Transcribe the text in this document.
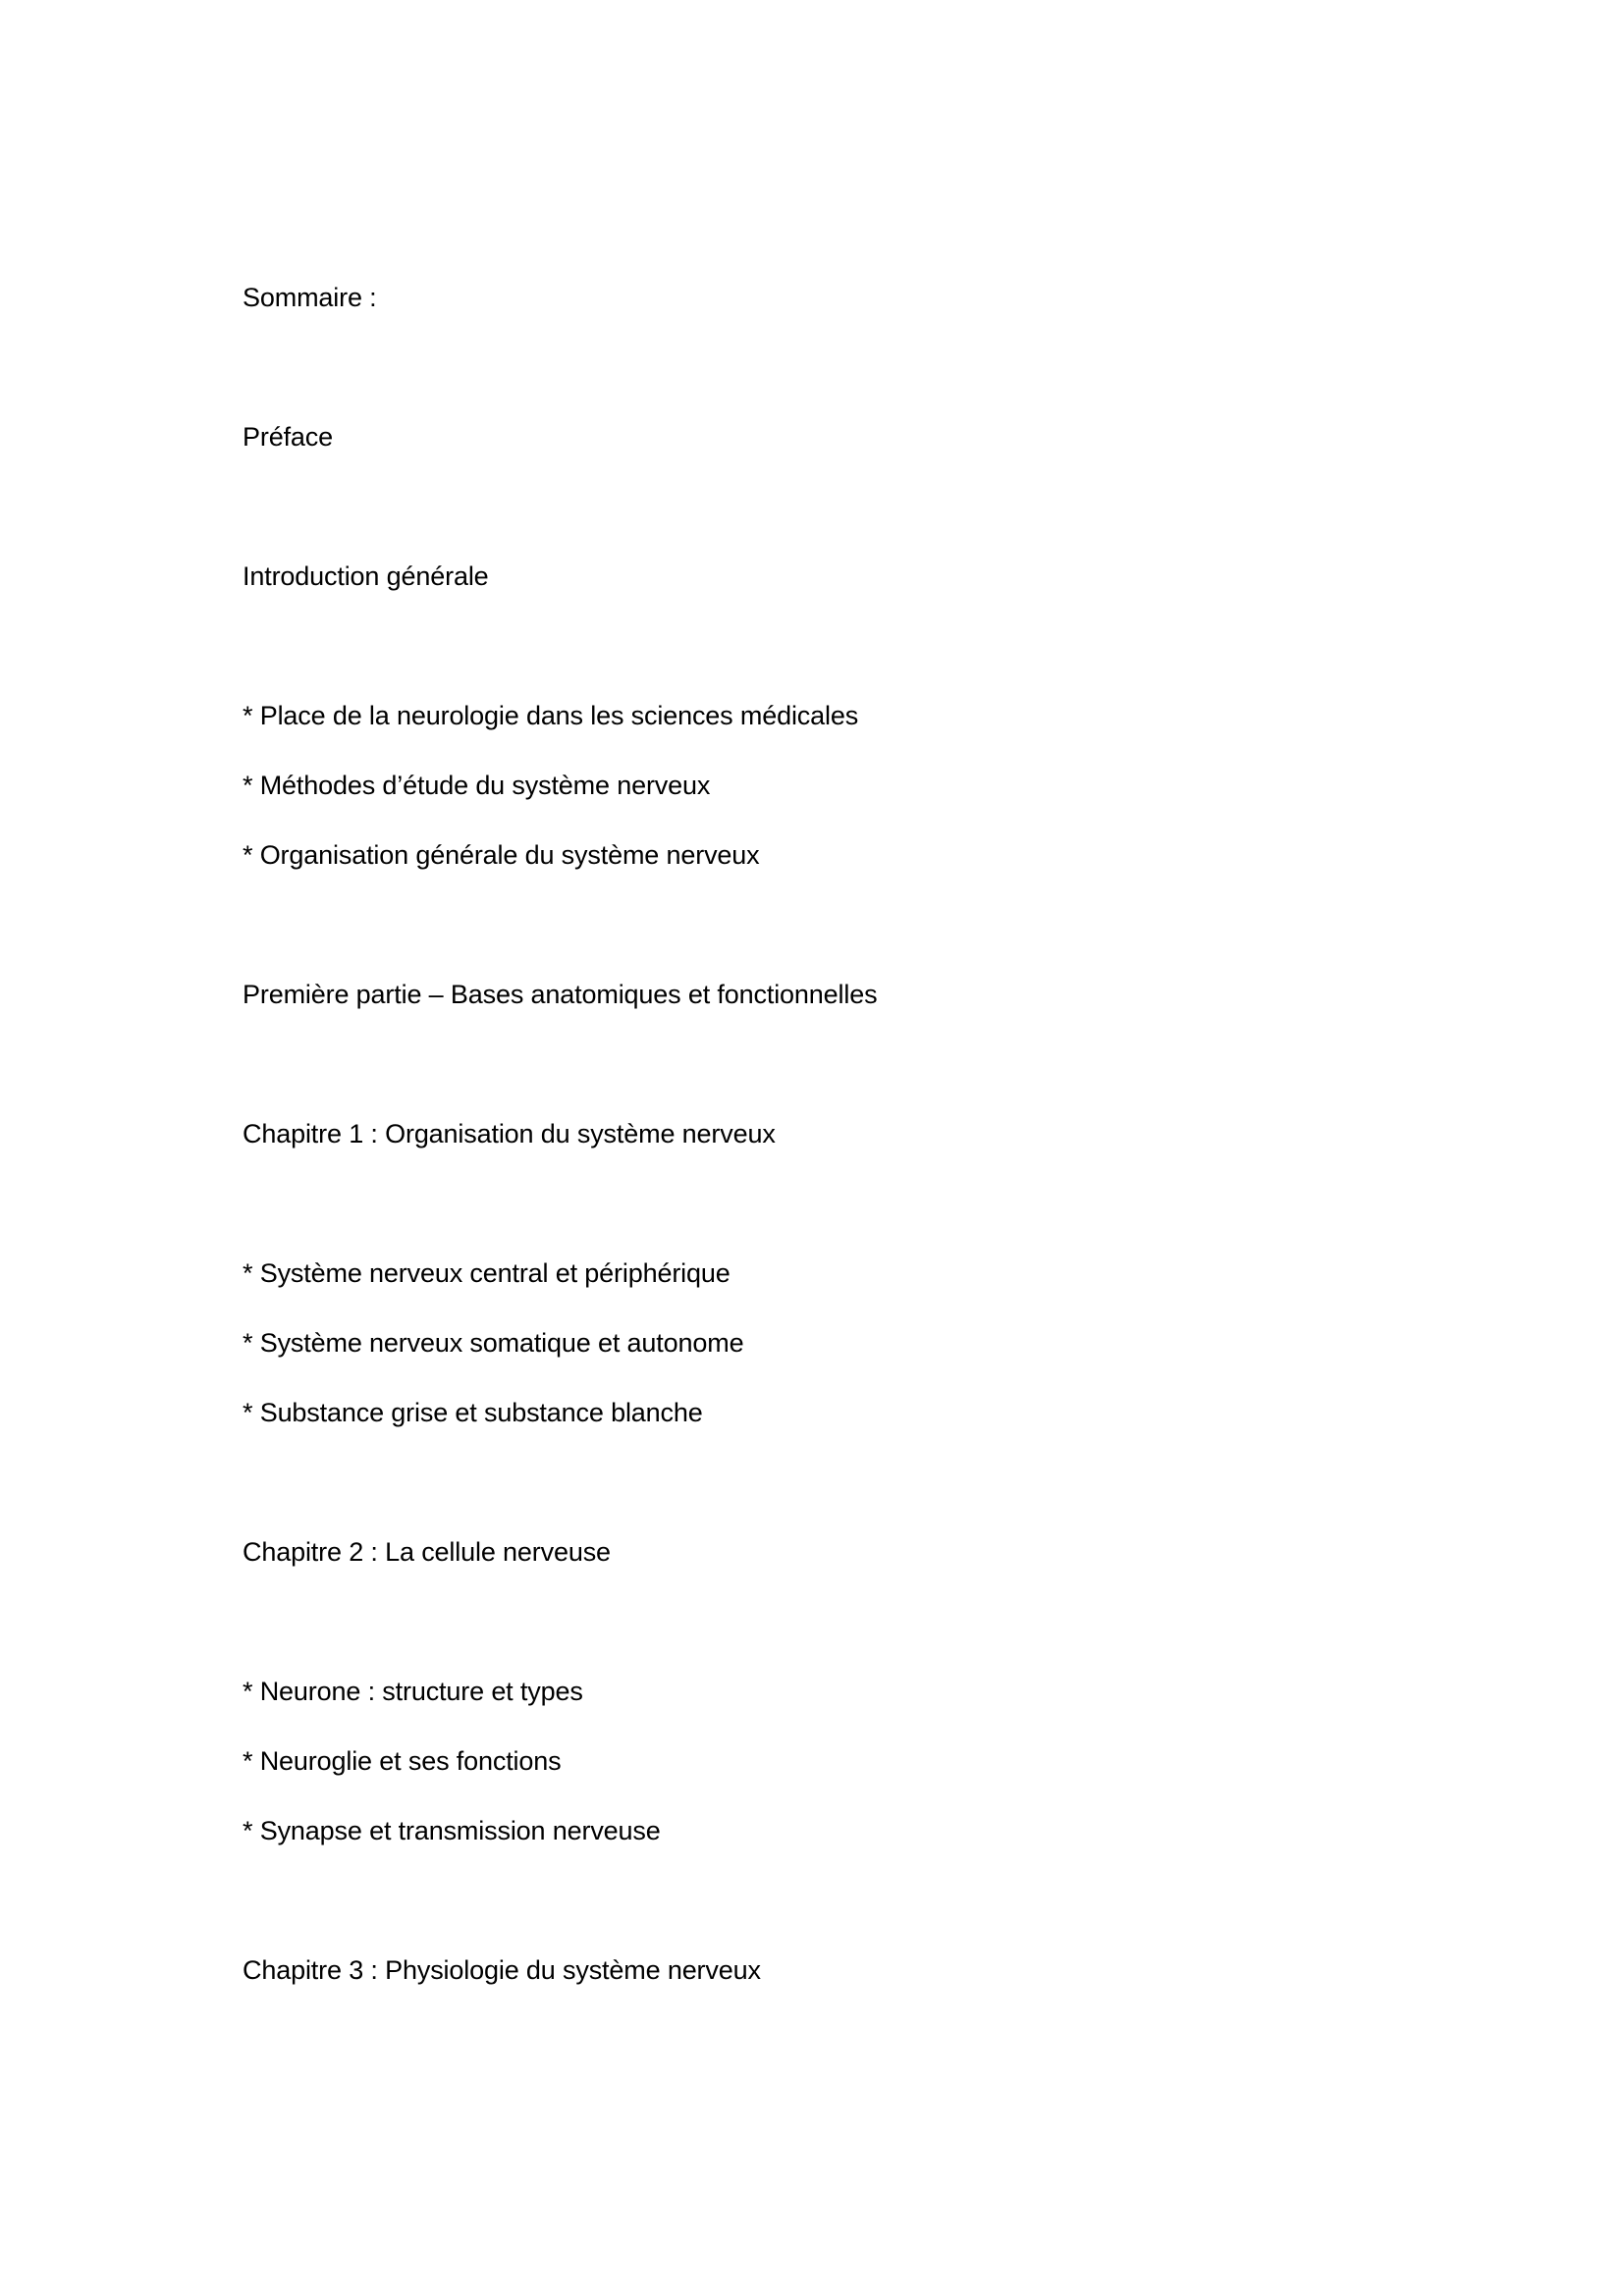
Sommaire :
Préface
Introduction générale
* Place de la neurologie dans les sciences médicales
* Méthodes d’étude du système nerveux
* Organisation générale du système nerveux
Première partie – Bases anatomiques et fonctionnelles
Chapitre 1 : Organisation du système nerveux
* Système nerveux central et périphérique
* Système nerveux somatique et autonome
* Substance grise et substance blanche
Chapitre 2 : La cellule nerveuse
* Neurone : structure et types
* Neuroglie et ses fonctions
* Synapse et transmission nerveuse
Chapitre 3 : Physiologie du système nerveux
